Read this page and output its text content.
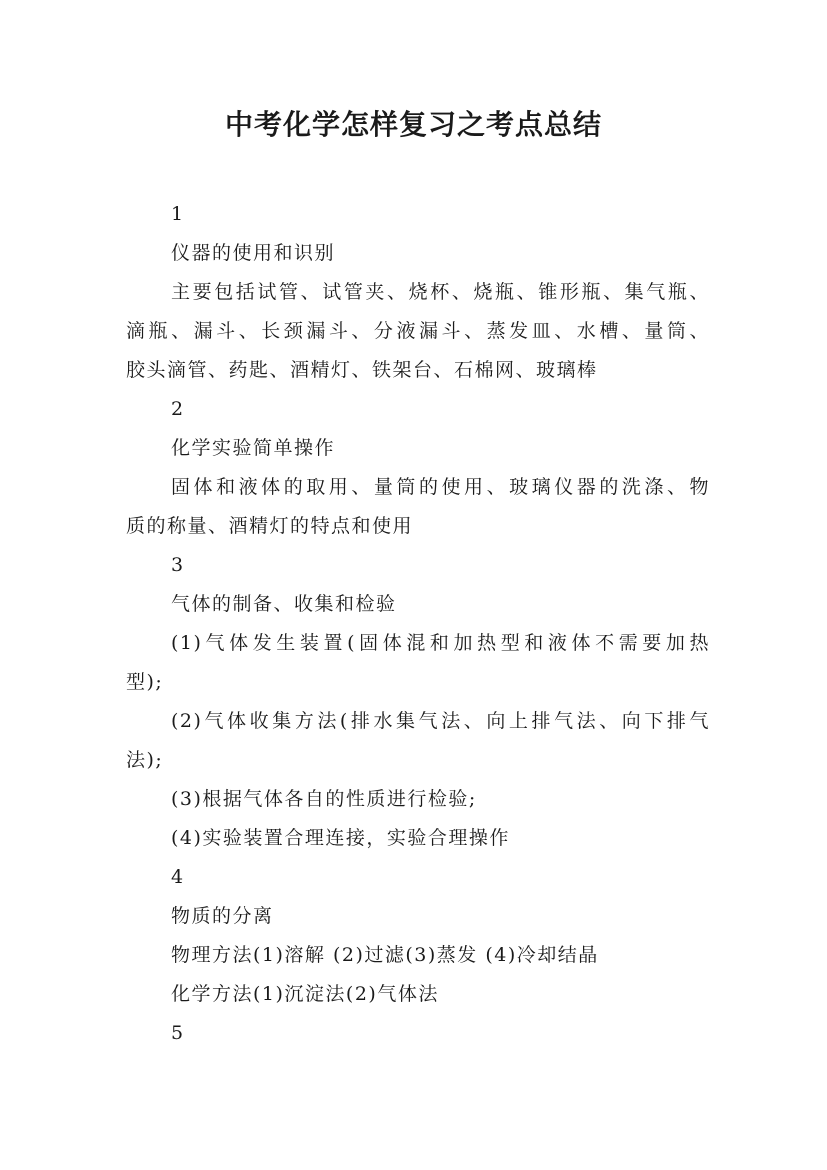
中考化学怎样复习之考点总结
1
仪器的使用和识别
主要包括试管、试管夹、烧杯、烧瓶、锥形瓶、集气瓶、
滴瓶、漏斗、长颈漏斗、分液漏斗、蒸发皿、水槽、量筒、
胶头滴管、药匙、酒精灯、铁架台、石棉网、玻璃棒
2
化学实验简单操作
固体和液体的取用、量筒的使用、玻璃仪器的洗涤、物
质的称量、酒精灯的特点和使用
3
气体的制备、收集和检验
(1)气体发生装置(固体混和加热型和液体不需要加热
型);
(2)气体收集方法(排水集气法、向上排气法、向下排气
法);
(3)根据气体各自的性质进行检验;
(4)实验装置合理连接，实验合理操作
4
物质的分离
物理方法(1)溶解 (2)过滤(3)蒸发 (4)冷却结晶
化学方法(1)沉淀法(2)气体法
5
